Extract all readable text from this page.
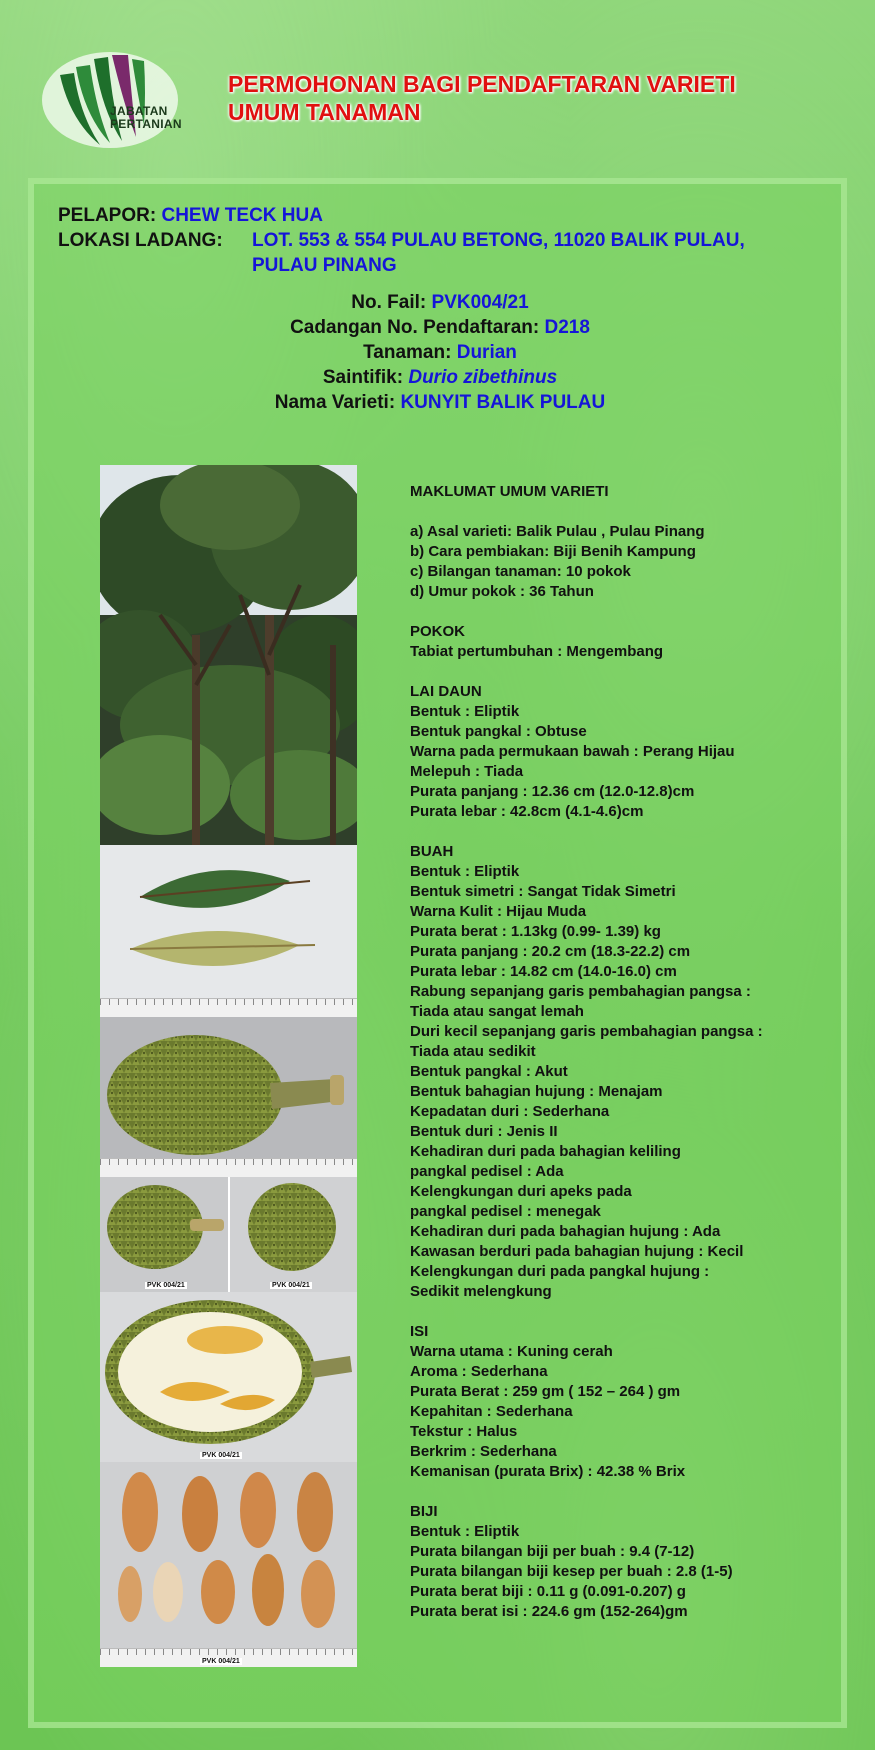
JABATAN
PERTANIAN
PERMOHONAN BAGI PENDAFTARAN VARIETI
UMUM TANAMAN
PELAPOR: CHEW TECK HUA
LOKASI LADANG: LOT. 553 & 554 PULAU BETONG, 11020 BALIK PULAU,
PULAU PINANG
No. Fail: PVK004/21
Cadangan No. Pendaftaran: D218
Tanaman: Durian
Saintifik: Durio zibethinus
Nama Varieti: KUNYIT BALIK PULAU
PVK 004/21	PVK 004/21
PVK 004/21
PVK 004/21
MAKLUMAT UMUM VARIETI
a) Asal varieti: Balik Pulau , Pulau Pinang
b) Cara pembiakan: Biji Benih Kampung
c) Bilangan tanaman: 10 pokok
d) Umur pokok : 36 Tahun
POKOK
Tabiat pertumbuhan : Mengembang
LAI DAUN
Bentuk : Eliptik
Bentuk pangkal : Obtuse
Warna pada permukaan bawah : Perang Hijau
Melepuh : Tiada
Purata panjang : 12.36 cm (12.0-12.8)cm
Purata lebar : 42.8cm (4.1-4.6)cm
BUAH
Bentuk : Eliptik
Bentuk simetri : Sangat Tidak Simetri
Warna Kulit : Hijau Muda
Purata berat : 1.13kg (0.99- 1.39) kg
Purata panjang : 20.2 cm (18.3-22.2) cm
Purata lebar : 14.82 cm (14.0-16.0) cm
Rabung sepanjang garis pembahagian pangsa :
Tiada atau sangat lemah
Duri kecil sepanjang garis pembahagian pangsa :
Tiada atau sedikit
Bentuk pangkal : Akut
Bentuk bahagian hujung : Menajam
Kepadatan duri : Sederhana
Bentuk duri : Jenis II
Kehadiran duri pada bahagian keliling
pangkal pedisel : Ada
Kelengkungan duri apeks pada
pangkal pedisel : menegak
Kehadiran duri pada bahagian hujung : Ada
Kawasan berduri pada bahagian hujung : Kecil
Kelengkungan duri pada pangkal hujung :
Sedikit melengkung
ISI
Warna utama : Kuning cerah
Aroma : Sederhana
Purata Berat : 259 gm ( 152 – 264 ) gm
Kepahitan : Sederhana
Tekstur : Halus
Berkrim : Sederhana
Kemanisan (purata Brix) : 42.38 % Brix
BIJI
Bentuk : Eliptik
Purata bilangan biji per buah : 9.4 (7-12)
Purata bilangan biji kesep per buah : 2.8 (1-5)
Purata berat biji : 0.11 g (0.091-0.207) g
Purata berat isi : 224.6 gm (152-264)gm
